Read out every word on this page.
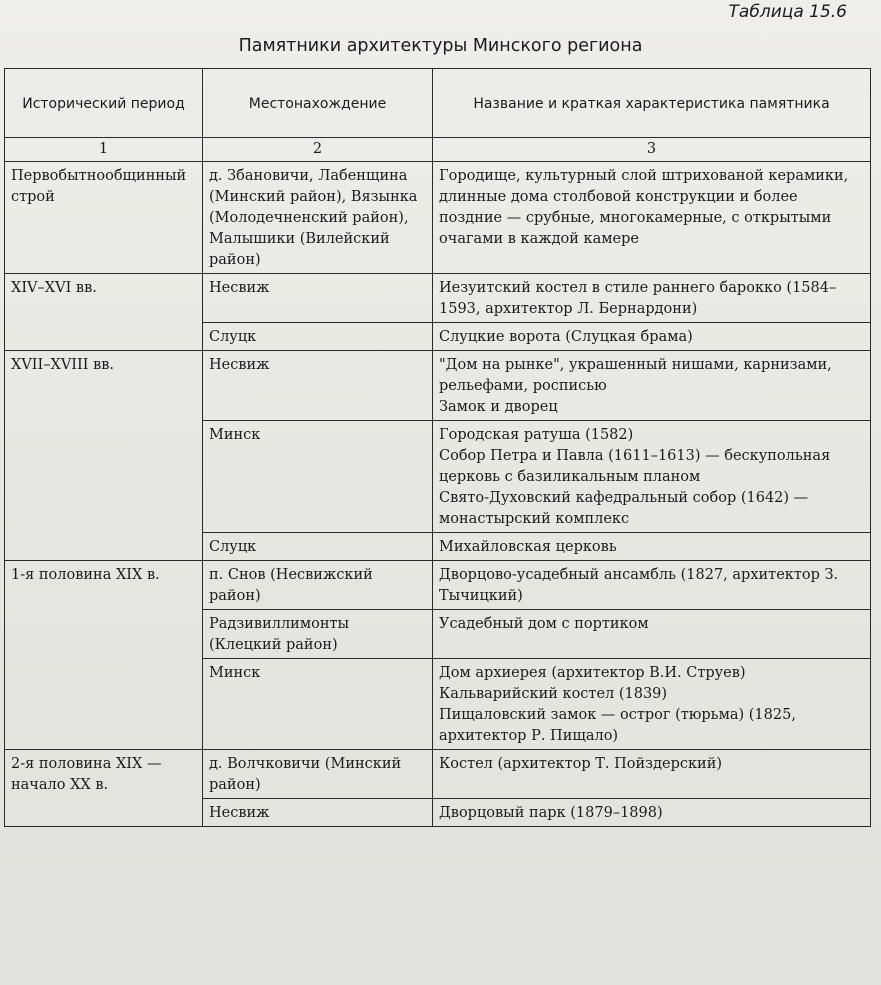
Таблица 15.6
Памятники архитектуры Минского региона
Исторический период	Местонахождение	Название и краткая характеристика памятника
1	2	3
Первобытнообщинный строй	д. Збановичи, Лабенщина (Минский район), Вязынка (Молодечненский район), Малышики (Вилейский район)	Городище, культурный слой штрихованой керамики, длинные дома столбовой конструкции и более поздние — срубные, многокамерные, с открытыми очагами в каждой камере

XIV–XVI вв.	Несвиж	Иезуитский костел в стиле раннего барокко (1584–1593, архитектор Л. Бернардони)

	Слуцк	Слуцкие ворота (Слуцкая брама)

XVII–XVIII вв.	Несвиж	"Дом на рынке", украшенный нишами, карнизами, рельефами, росписью
Замок и дворец

	Минск	Городская ратуша (1582)
Собор Петра и Павла (1611–1613) — бескупольная церковь с базиликальным планом
Свято-Духовский кафедральный собор (1642) — монастырский комплекс

	Слуцк	Михайловская церковь

1-я половина XIX в.	п. Снов (Несвижский район)	Дворцово-усадебный ансамбль (1827, архитектор З. Тычицкий)

	Радзивиллимонты (Клецкий район)	Усадебный дом с портиком

	Минск	Дом архиерея (архитектор В.И. Струев)
Кальварийский костел (1839)
Пищаловский замок — острог (тюрьма) (1825, архитектор Р. Пищало)

2-я половина XIX — начало XX в.	д. Волчковичи (Минский район)	Костел (архитектор Т. Пойздерский)

	Несвиж	Дворцовый парк (1879–1898)
